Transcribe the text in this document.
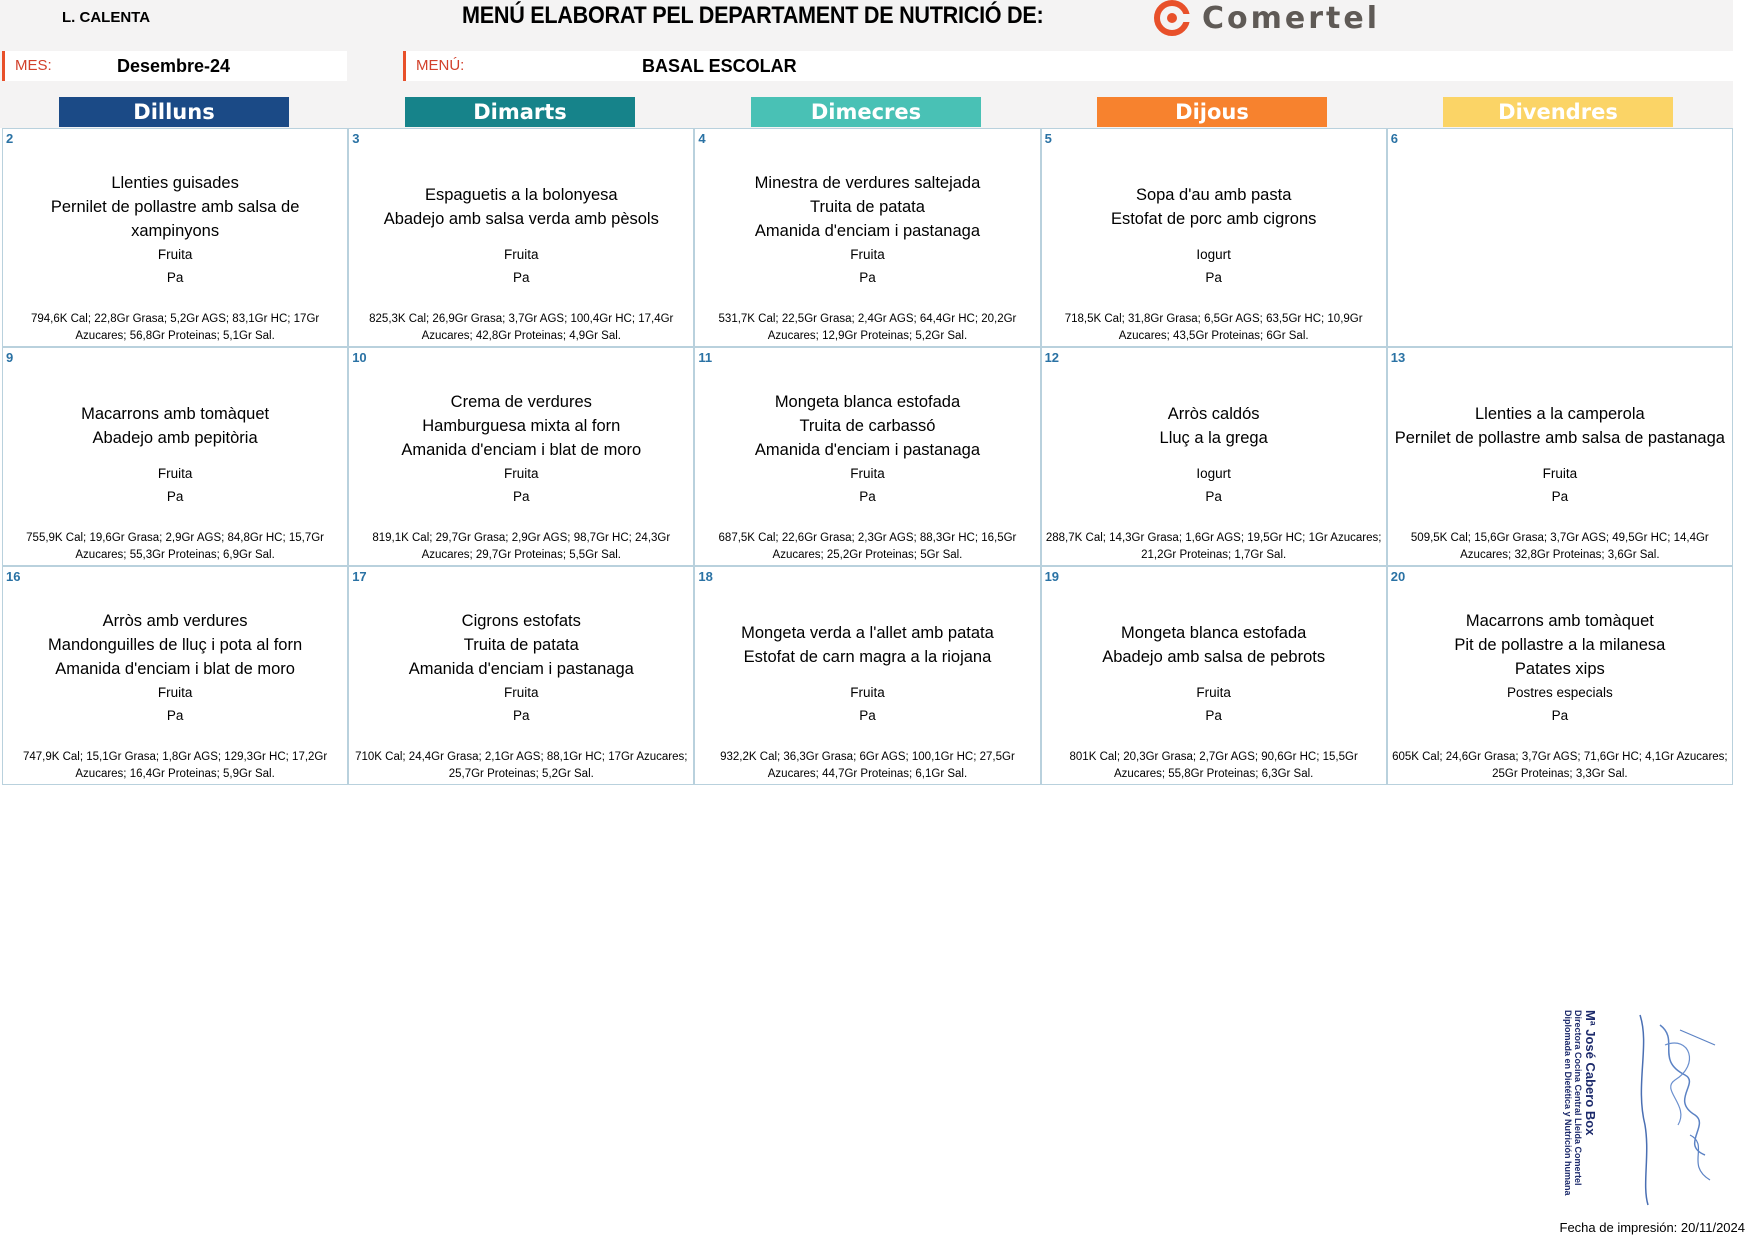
L. CALENTA	MENÚ ELABORAT PEL DEPARTAMENT DE NUTRICIÓ DE:	Comertel
MES:	Desembre-24	MENÚ:	BASAL ESCOLAR
Dilluns	Dimarts	Dimecres	Dijous	Divendres
2
Llenties guisades
Pernilet de pollastre amb salsa de xampinyons
Fruita
Pa
794,6K Cal; 22,8Gr Grasa; 5,2Gr AGS; 83,1Gr HC; 17Gr Azucares; 56,8Gr Proteinas; 5,1Gr Sal.
3
Espaguetis a la bolonyesa
Abadejo amb salsa verda amb pèsols
Fruita
Pa
825,3K Cal; 26,9Gr Grasa; 3,7Gr AGS; 100,4Gr HC; 17,4Gr Azucares; 42,8Gr Proteinas; 4,9Gr Sal.
4
Minestra de verdures saltejada
Truita de patata
Amanida d'enciam i pastanaga
Fruita
Pa
531,7K Cal; 22,5Gr Grasa; 2,4Gr AGS; 64,4Gr HC; 20,2Gr Azucares; 12,9Gr Proteinas; 5,2Gr Sal.
5
Sopa d'au amb pasta
Estofat de porc amb cigrons
Iogurt
Pa
718,5K Cal; 31,8Gr Grasa; 6,5Gr AGS; 63,5Gr HC; 10,9Gr Azucares; 43,5Gr Proteinas; 6Gr Sal.
6
9
Macarrons amb tomàquet
Abadejo amb pepitòria
Fruita
Pa
755,9K Cal; 19,6Gr Grasa; 2,9Gr AGS; 84,8Gr HC; 15,7Gr Azucares; 55,3Gr Proteinas; 6,9Gr Sal.
10
Crema de verdures
Hamburguesa mixta al forn
Amanida d'enciam i blat de moro
Fruita
Pa
819,1K Cal; 29,7Gr Grasa; 2,9Gr AGS; 98,7Gr HC; 24,3Gr Azucares; 29,7Gr Proteinas; 5,5Gr Sal.
11
Mongeta blanca estofada
Truita de carbassó
Amanida d'enciam i pastanaga
Fruita
Pa
687,5K Cal; 22,6Gr Grasa; 2,3Gr AGS; 88,3Gr HC; 16,5Gr Azucares; 25,2Gr Proteinas; 5Gr Sal.
12
Arròs caldós
Lluç a la grega
Iogurt
Pa
288,7K Cal; 14,3Gr Grasa; 1,6Gr AGS; 19,5Gr HC; 1Gr Azucares; 21,2Gr Proteinas; 1,7Gr Sal.
13
Llenties a la camperola
Pernilet de pollastre amb salsa de pastanaga
Fruita
Pa
509,5K Cal; 15,6Gr Grasa; 3,7Gr AGS; 49,5Gr HC; 14,4Gr Azucares; 32,8Gr Proteinas; 3,6Gr Sal.
16
Arròs amb verdures
Mandonguilles de lluç i pota al forn
Amanida d'enciam i blat de moro
Fruita
Pa
747,9K Cal; 15,1Gr Grasa; 1,8Gr AGS; 129,3Gr HC; 17,2Gr Azucares; 16,4Gr Proteinas; 5,9Gr Sal.
17
Cigrons estofats
Truita de patata
Amanida d'enciam i pastanaga
Fruita
Pa
710K Cal; 24,4Gr Grasa; 2,1Gr AGS; 88,1Gr HC; 17Gr Azucares; 25,7Gr Proteinas; 5,2Gr Sal.
18
Mongeta verda a l'allet amb patata
Estofat de carn magra a la riojana
Fruita
Pa
932,2K Cal; 36,3Gr Grasa; 6Gr AGS; 100,1Gr HC; 27,5Gr Azucares; 44,7Gr Proteinas; 6,1Gr Sal.
19
Mongeta blanca estofada
Abadejo amb salsa de pebrots
Fruita
Pa
801K Cal; 20,3Gr Grasa; 2,7Gr AGS; 90,6Gr HC; 15,5Gr Azucares; 55,8Gr Proteinas; 6,3Gr Sal.
20
Macarrons amb tomàquet
Pit de pollastre a la milanesa
Patates xips
Postres especials
Pa
605K Cal; 24,6Gr Grasa; 3,7Gr AGS; 71,6Gr HC; 4,1Gr Azucares; 25Gr Proteinas; 3,3Gr Sal.
Mª José Cabero Box
Directora Cocina Central Lleida Comertel
Diplomada en Dietética y Nutrición humana
Fecha de impresión: 20/11/2024
